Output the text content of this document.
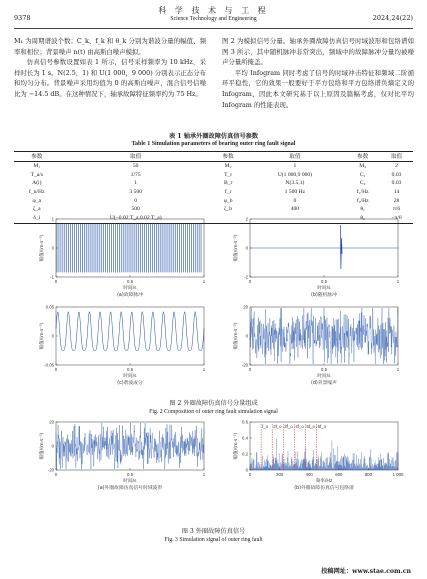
9378
科 学 技 术 与 工 程
Science Technology and Engineering	2024,24(22)

M₁ 为周期谱波个数；C_k、f_k 和 θ_k 分别为谐波分量的幅值、频率和相位；背景噪声 n(t) 由高斯白噪声模拟。

仿真信号参数设置如表 1 所示，信号采样频率为 10 kHz，采样时长为 1 s。N(2.5，1) 和 U(1 000，9 000) 分别表示正态分布和均匀分布。背景噪声采用均值为 0 的高斯白噪声，混合信号信噪比为 −14.5 dB。在这种情况下，轴承故障特征频率约为 75 Hz。

图 2 为模拟信号分量。轴承外圈故障仿真信号时域波形和包络谱如图 3 所示，其中随机脉冲非常突出，频域中的故障脉冲分量均被噪声分量所掩盖。

平均 Infogram 同时考虑了信号的时域冲击特征和频域二阶循环平稳性，它的效果一般要好于平方包络和平方包络谱负熵定义的 Infogram，因此本文研究基于以上原因及篇幅考虑，仅对比平均 Infogram 的性能表现。

表 1 轴承外圈故障仿真信号参数
Table 1 Simulation parameters of bearing outer ring fault signal
参数	取值	参数	取值	参数	取值
M₁	50	M₂	1	M₃	2
T_a/s	1/75	T_r	U(1 000,9 000)	C₁	0.03
A(i)	1	B_r	N(3.5,1)	C₂	0.03
f_n/Hz	3 500	f_r	1 500 Hz	f₁/Hz	14
φ_a	0	φ_b	0	f₂/Hz	28
ζ_a	500	ζ_b	400	θ₁	π/6
δ_i	U(−0.02 T_a,0.02 T_a)			θ₂	−π/6
1
0
-1
0	0.5	1
时间/s
幅值/(m·s⁻²)
(a)故障脉冲
2
0
-2
0	0.5	1
时间/s
幅值/(m·s⁻²)
(b)随机脉冲
0.05
0
-0.05
0	0.5	1
时间/s
幅值/(m·s⁻²)
(c)谐波成分
20
0
-20
0	0.5	1
时间/s
幅值/(m·s⁻²)
(d)背景噪声
图 2 外圈故障仿真信号分量组成
Fig. 2 Composition of outer ring fault simulation signal
20
0
-20
0	0.5	1
时间/s
幅值/(m·s⁻²)
(a)外圈故障仿真信号时域波形
f_o 2f_o 3f_o 4f_o 5f_o 6f_o
0.6
0.4
0.2
0
0	200	400	600	800	1 000
频率/Hz
幅值/(m·s⁻²)
(b)外圈故障仿真信号包络谱
图 3 外圈故障仿真信号
Fig. 3 Simulation signal of outer ring fault
投稿网址：www.stae.com.cn
